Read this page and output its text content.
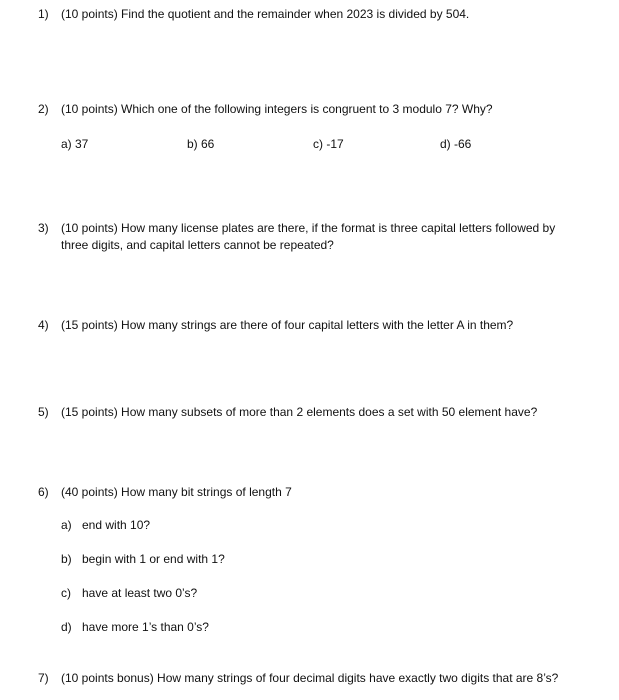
1)	(10 points) Find the quotient and the remainder when 2023 is divided by 504.
2)	(10 points) Which one of the following integers is congruent to 3 modulo 7? Why?
a) 37	b) 66	c) -17	d) -66
3)	(10 points) How many license plates are there, if the format is three capital letters followed by three digits, and capital letters cannot be repeated?
4)	(15 points) How many strings are there of four capital letters with the letter A in them?
5)	(15 points) How many subsets of more than 2 elements does a set with 50 element have?
6)	(40 points) How many bit strings of length 7
a) end with 10?
b) begin with 1 or end with 1?
c) have at least two 0’s?
d) have more 1’s than 0’s?
7)	(10 points bonus) How many strings of four decimal digits have exactly two digits that are 8’s?
